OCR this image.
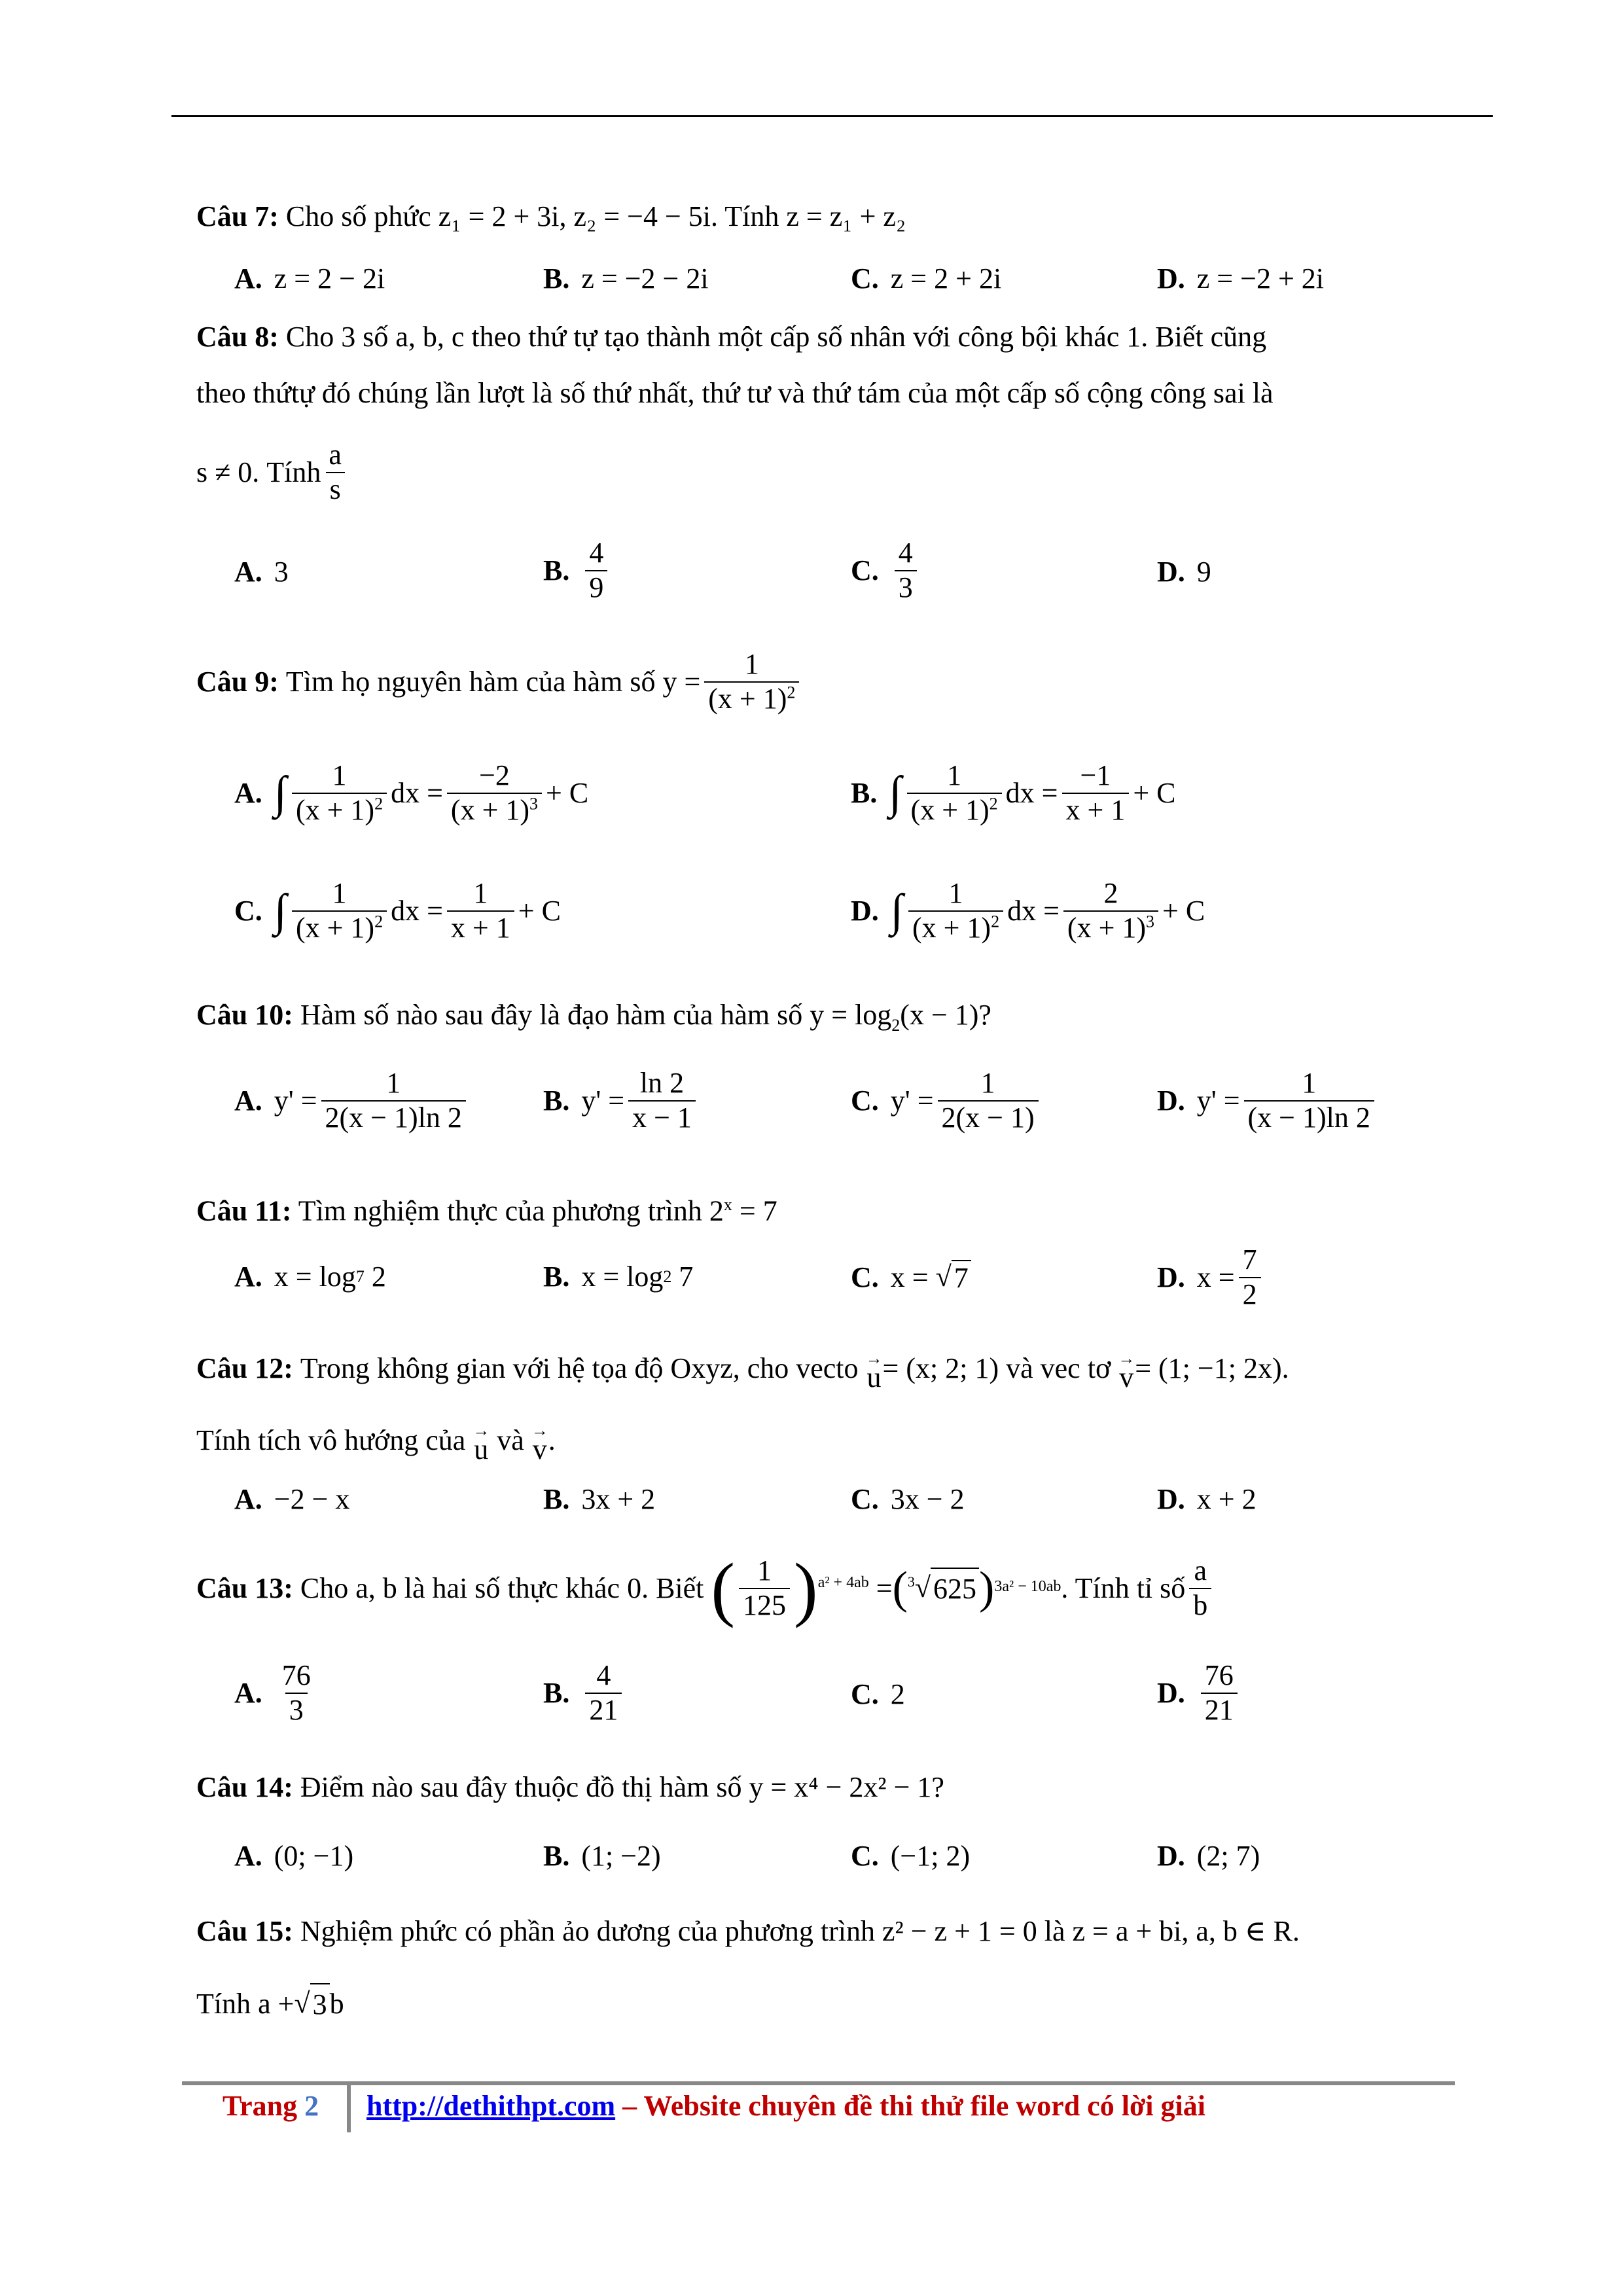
Câu 7: Cho số phức z₁ = 2 + 3i, z₂ = −4 − 5i. Tính z = z₁ + z₂
A. z = 2 − 2i	B. z = −2 − 2i	C. z = 2 + 2i	D. z = −2 + 2i
Câu 8: Cho 3 số a, b, c theo thứ tự tạo thành một cấp số nhân với công bội khác 1. Biết cũng
theo thứtự đó chúng lần lượt là số thứ nhất, thứ tư và thứ tám của một cấp số cộng công sai là
s ≠ 0.
Tính $\frac{a}{s}$
A. 3	B. $\frac{4}{9}$	C. $\frac{4}{3}$	D. 9
Câu 9:
Tìm họ nguyên hàm của hàm số
$y = \frac{1}{(x + 1)^2}$
A. ∫ $\frac{1}{(x + 1)^2}$ dx = $\frac{-2}{(x + 1)^3} + C$	B. ∫ $\frac{1}{(x + 1)^2}$ dx = $\frac{-1}{x + 1} + C$
C. ∫ $\frac{1}{(x + 1)^2}$ dx = $\frac{1}{x + 1} + C$	D. ∫ $\frac{1}{(x + 1)^2}$ dx = $\frac{2}{(x + 1)^3} + C$
Câu 10: Hàm số nào sau đây là đạo hàm của hàm số $y = \log_2(x - 1)$?
A. $y' = \frac{1}{2(x - 1)\ln 2}$	B. $y' = \frac{\ln 2}{x - 1}$	C. $y' = \frac{1}{2(x - 1)}$	D. $y' = \frac{1}{(x - 1)\ln 2}$
Câu 11: Tìm nghiệm thực của phương trình $2^x = 7$
A. x = log 7
2	B. x = log 2
7	C. x =
√ 7	D. $x = \frac{7}{2}$
Câu 12:
Trong không gian với hệ tọa độ Oxyz, cho vecto
→
u = (x; 2; 1)
và vec tơ
→
v = (1; −1; 2x).
Tính tích vô hướng của
→
u
và
→
v .
A. −2 − x	B. 3x + 2	C. 3x − 2	D. x + 2
Câu 13:
Cho a, b là hai số thực khác 0. Biết
( $\frac{1}{125}$ ) a² + 4ab
= ($^3$ √ 625 ) 3a² − 10ab . Tính tỉ số $\frac{a}{b}$
A. $\frac{76}{3}$	B. $\frac{4}{21}$	C. 2	D. $\frac{76}{21}$
Câu 14: Điểm nào sau đây thuộc đồ thị hàm số y = x⁴ − 2x² − 1?
A. (0; −1)	B. (1; −2)	C. (−1; 2)	D. (2; 7)
Câu 15: Nghiệm phức có phần ảo dương của phương trình z² − z + 1 = 0 là z = a + bi, a, b ∈ R.
Tính
a + √ 3 b
Trang 2 http://dethithpt.com – Website chuyên đề thi thử file word có lời giải
